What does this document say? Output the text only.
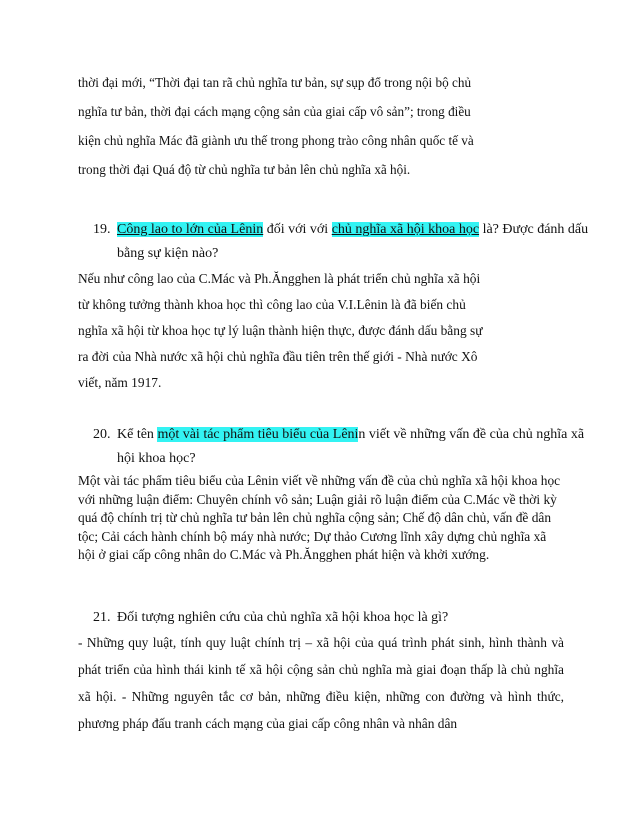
thời đại mới, “Thời đại tan rã chủ nghĩa tư bản, sự sụp đổ trong nội bộ chủ
nghĩa tư bản, thời đại cách mạng cộng sản của giai cấp vô sản”; trong điều
kiện chủ nghĩa Mác đã giành ưu thế trong phong trào công nhân quốc tế và
trong thời đại Quá độ từ chủ nghĩa tư bản lên chủ nghĩa xã hội.

19. Công lao to lớn của Lênin đối với với chủ nghĩa xã hội khoa học là? Được đánh dấu bằng sự kiện nào?

Nếu như công lao của C.Mác và Ph.Ăngghen là phát triển chủ nghĩa xã hội
từ không tưởng thành khoa học thì công lao của V.I.Lênin là đã biến chủ
nghĩa xã hội từ khoa học tự lý luận thành hiện thực, được đánh dấu bằng sự
ra đời của Nhà nước xã hội chủ nghĩa đầu tiên trên thế giới - Nhà nước Xô
viết, năm 1917.

20. Kể tên một vài tác phẩm tiêu biểu của Lênin viết về những vấn đề của chủ nghĩa xã hội khoa học?

Một vài tác phẩm tiêu biểu của Lênin viết về những vấn đề của chủ nghĩa xã hội khoa học với những luận điểm: Chuyên chính vô sản; Luận giải rõ luận điểm của C.Mác về thời kỳ quá độ chính trị từ chủ nghĩa tư bản lên chủ nghĩa cộng sản; Chế độ dân chủ, vấn đề dân tộc; Cải cách hành chính bộ máy nhà nước; Dự thảo Cương lĩnh xây dựng chủ nghĩa xã hội ở giai cấp công nhân do C.Mác và Ph.Ăngghen phát hiện và khởi xướng.

21. Đối tượng nghiên cứu của chủ nghĩa xã hội khoa học là gì?

- Những quy luật, tính quy luật chính trị – xã hội của quá trình phát sinh, hình thành và phát triển của hình thái kinh tế xã hội cộng sản chủ nghĩa mà giai đoạn thấp là chủ nghĩa xã hội. - Những nguyên tắc cơ bản, những điều kiện, những con đường và hình thức, phương pháp đấu tranh cách mạng của giai cấp công nhân và nhân dân
